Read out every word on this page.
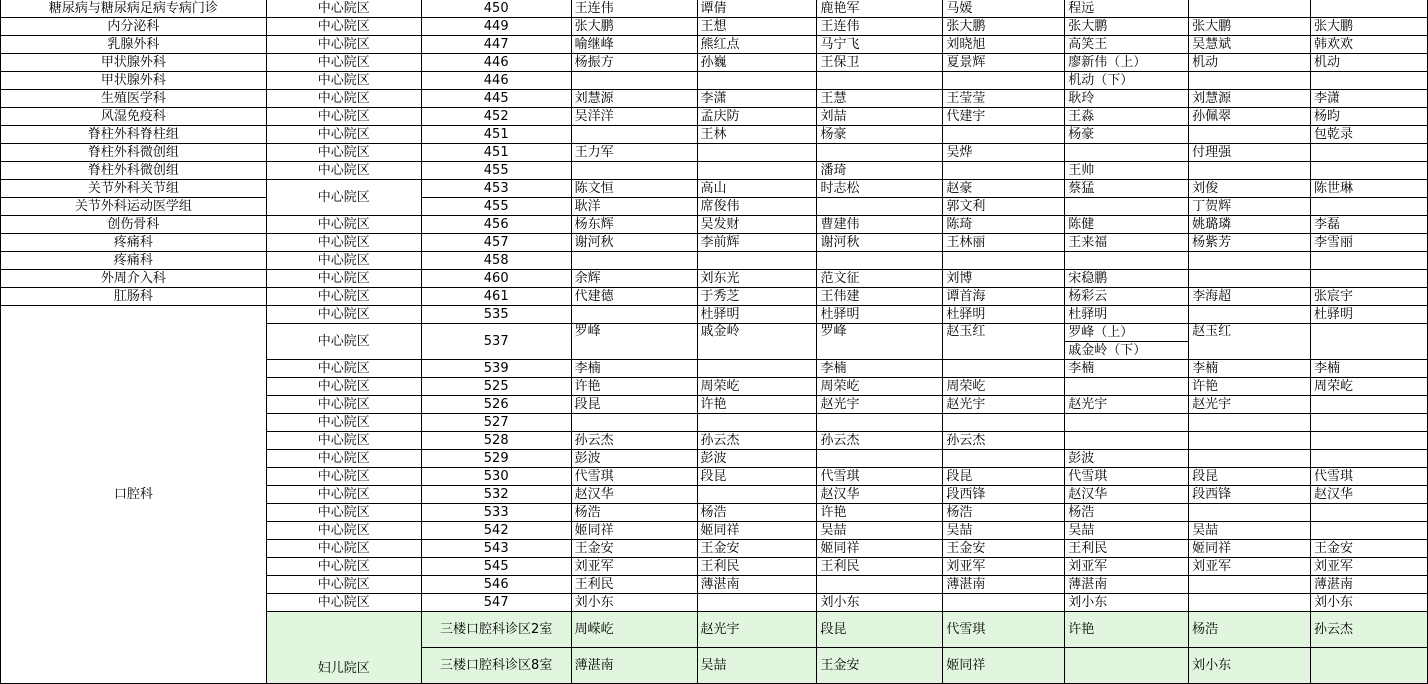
糖尿病与糖尿病足病专病门诊	中心院区	450	王连伟	谭倩	鹿艳军	马媛	程远		
内分泌科	中心院区	449	张大鹏	王想	王连伟	张大鹏	张大鹏	张大鹏	张大鹏
乳腺外科	中心院区	447	喻继峰	熊红点	马宁飞	刘晓旭	高笑王	吴慧斌	韩欢欢
甲状腺外科	中心院区	446	杨振方	孙巍	王保卫	夏景辉	廖新伟（上）	机动	机动
甲状腺外科	中心院区	446					机动（下）		
生殖医学科	中心院区	445	刘慧源	李潇	王慧	王莹莹	耿玲	刘慧源	李潇
风湿免疫科	中心院区	452	吴洋洋	孟庆防	刘喆	代建宇	王淼	孙佩翠	杨昀
脊柱外科脊柱组	中心院区	451		王林	杨豪		杨豪		包乾录
脊柱外科微创组	中心院区	451	王力军			吴烨		付理强	
脊柱外科微创组	中心院区	455			潘琦		王帅		
关节外科关节组	中心院区	453	陈文恒	高山	时志松	赵豪	蔡猛	刘俊	陈世琳
关节外科运动医学组		455	耿洋	席俊伟		郭文利		丁贺辉	
创伤骨科	中心院区	456	杨东辉	吴发财	曹建伟	陈琦	陈健	姚璐璘	李磊
疼痛科	中心院区	457	谢河秋	李前辉	谢河秋	王林丽	王来福	杨紫芳	李雪丽
疼痛科	中心院区	458							
外周介入科	中心院区	460	余辉	刘东光	范文征	刘博	宋稳鹏		
肛肠科	中心院区	461	代建德	于秀芝	王伟建	谭首海	杨彩云	李海超	张宸宇
口腔科	中心院区	535		杜驿明	杜驿明	杜驿明	杜驿明		杜驿明
	中心院区	537	罗峰	戚金岭	罗峰	赵玉红	罗峰（上）	赵玉红	
							戚金岭（下）		
	中心院区	539	李楠		李楠		李楠	李楠	李楠
	中心院区	525	许艳	周荣屹	周荣屹	周荣屹		许艳	周荣屹
	中心院区	526	段昆	许艳	赵光宇	赵光宇	赵光宇	赵光宇	
	中心院区	527							
	中心院区	528	孙云杰	孙云杰	孙云杰	孙云杰			
	中心院区	529	彭波	彭波			彭波		
	中心院区	530	代雪琪	段昆	代雪琪	段昆	代雪琪	段昆	代雪琪
	中心院区	532	赵汉华		赵汉华	段西锋	赵汉华	段西锋	赵汉华
	中心院区	533	杨浩	杨浩	许艳	杨浩	杨浩		
	中心院区	542	姬同祥	姬同祥	吴喆	吴喆	吴喆	吴喆	
	中心院区	543	王金安	王金安	姬同祥	王金安	王利民	姬同祥	王金安
	中心院区	545	刘亚军	王利民	王利民	刘亚军	刘亚军	刘亚军	刘亚军
	中心院区	546	王利民	薄湛南		薄湛南	薄湛南		薄湛南
	中心院区	547	刘小东		刘小东		刘小东		刘小东
	妇儿院区	三楼口腔科诊区2室	周嵘屹	赵光宇	段昆	代雪琪	许艳	杨浩	孙云杰
		三楼口腔科诊区8室	薄湛南	吴喆	王金安	姬同祥		刘小东	
